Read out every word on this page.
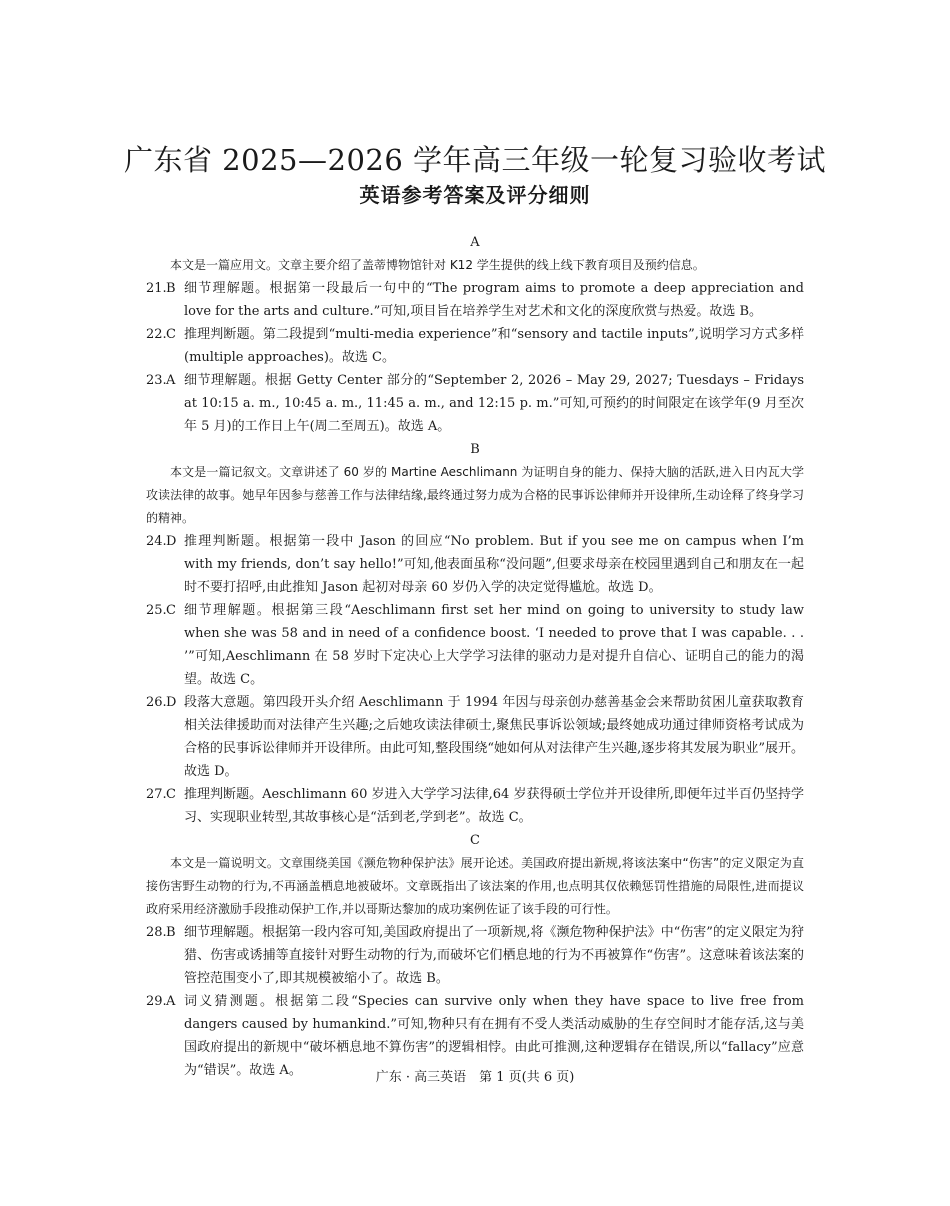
广东省 2025—2026 学年高三年级一轮复习验收考试
英语参考答案及评分细则
A
本文是一篇应用文。文章主要介绍了盖蒂博物馆针对 K12 学生提供的线上线下教育项目及预约信息。
21. B 细节理解题。根据第一段最后一句中的“The program aims to promote a deep appreciation and love for the arts and culture.”可知,项目旨在培养学生对艺术和文化的深度欣赏与热爱。故选 B。
22. C 推理判断题。第二段提到“multi-media experience”和“sensory and tactile inputs”,说明学习方式多样(multiple approaches)。故选 C。
23. A 细节理解题。根据 Getty Center 部分的“September 2, 2026 – May 29, 2027; Tuesdays – Fridays at 10:15 a. m., 10:45 a. m., 11:45 a. m., and 12:15 p. m.”可知,可预约的时间限定在该学年(9 月至次年 5 月)的工作日上午(周二至周五)。故选 A。
B
本文是一篇记叙文。文章讲述了 60 岁的 Martine Aeschlimann 为证明自身的能力、保持大脑的活跃,进入日内瓦大学攻读法律的故事。她早年因参与慈善工作与法律结缘,最终通过努力成为合格的民事诉讼律师并开设律所,生动诠释了终身学习的精神。
24. D 推理判断题。根据第一段中 Jason 的回应“No problem. But if you see me on campus when I’m with my friends, don’t say hello!”可知,他表面虽称“没问题”,但要求母亲在校园里遇到自己和朋友在一起时不要打招呼,由此推知 Jason 起初对母亲 60 岁仍入学的决定觉得尴尬。故选 D。
25. C 细节理解题。根据第三段“Aeschlimann first set her mind on going to university to study law when she was 58 and in need of a confidence boost. ‘I needed to prove that I was capable. . . ’”可知,Aeschlimann 在 58 岁时下定决心上大学学习法律的驱动力是对提升自信心、证明自己的能力的渴望。故选 C。
26. D 段落大意题。第四段开头介绍 Aeschlimann 于 1994 年因与母亲创办慈善基金会来帮助贫困儿童获取教育相关法律援助而对法律产生兴趣;之后她攻读法律硕士,聚焦民事诉讼领域;最终她成功通过律师资格考试成为合格的民事诉讼律师并开设律所。由此可知,整段围绕“她如何从对法律产生兴趣,逐步将其发展为职业”展开。故选 D。
27. C 推理判断题。Aeschlimann 60 岁进入大学学习法律,64 岁获得硕士学位并开设律所,即便年过半百仍坚持学习、实现职业转型,其故事核心是“活到老,学到老”。故选 C。
C
本文是一篇说明文。文章围绕美国《濒危物种保护法》展开论述。美国政府提出新规,将该法案中“伤害”的定义限定为直接伤害野生动物的行为,不再涵盖栖息地被破坏。文章既指出了该法案的作用,也点明其仅依赖惩罚性措施的局限性,进而提议政府采用经济激励手段推动保护工作,并以哥斯达黎加的成功案例佐证了该手段的可行性。
28. B 细节理解题。根据第一段内容可知,美国政府提出了一项新规,将《濒危物种保护法》中“伤害”的定义限定为狩猎、伤害或诱捕等直接针对野生动物的行为,而破坏它们栖息地的行为不再被算作“伤害”。这意味着该法案的管控范围变小了,即其规模被缩小了。故选 B。
29. A 词义猜测题。根据第二段“Species can survive only when they have space to live free from dangers caused by humankind.”可知,物种只有在拥有不受人类活动威胁的生存空间时才能存活,这与美国政府提出的新规中“破坏栖息地不算伤害”的逻辑相悖。由此可推测,这种逻辑存在错误,所以“fallacy”应意为“错误”。故选 A。	广东 · 高三英语　第 1 页(共 6 页)
